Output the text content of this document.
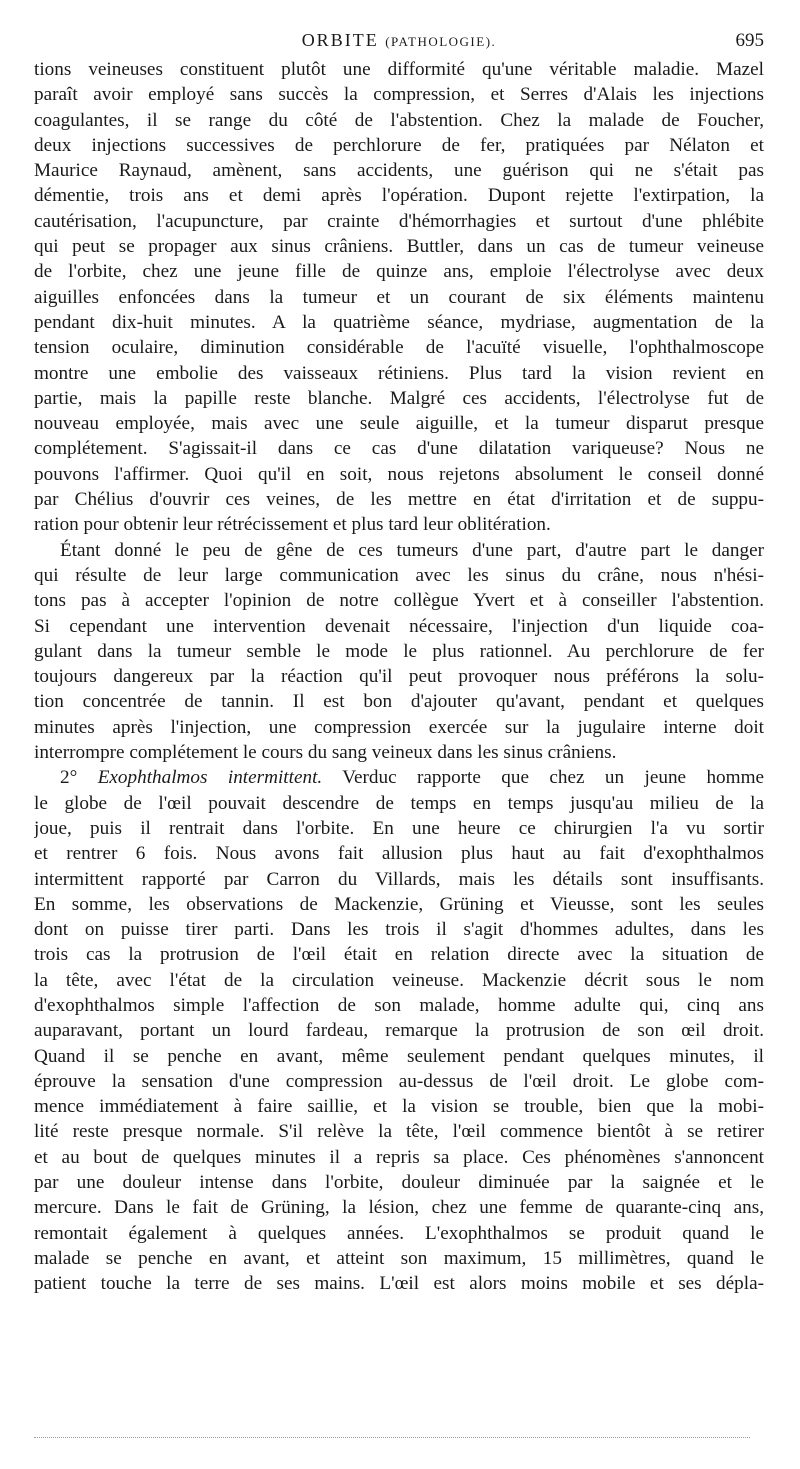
ORBITE (PATHOLOGIE).	695
tions veineuses constituent plutôt une difformité qu'une véritable maladie. Mazel
paraît avoir employé sans succès la compression, et Serres d'Alais les injections
coagulantes, il se range du côté de l'abstention. Chez la malade de Foucher,
deux injections successives de perchlorure de fer, pratiquées par Nélaton et
Maurice Raynaud, amènent, sans accidents, une guérison qui ne s'était pas
démentie, trois ans et demi après l'opération. Dupont rejette l'extirpation, la
cautérisation, l'acupuncture, par crainte d'hémorrhagies et surtout d'une phlébite
qui peut se propager aux sinus crâniens. Buttler, dans un cas de tumeur veineuse
de l'orbite, chez une jeune fille de quinze ans, emploie l'électrolyse avec deux
aiguilles enfoncées dans la tumeur et un courant de six éléments maintenu
pendant dix-huit minutes. A la quatrième séance, mydriase, augmentation de la
tension oculaire, diminution considérable de l'acuïté visuelle, l'ophthalmoscope
montre une embolie des vaisseaux rétiniens. Plus tard la vision revient en
partie, mais la papille reste blanche. Malgré ces accidents, l'électrolyse fut de
nouveau employée, mais avec une seule aiguille, et la tumeur disparut presque
complétement. S'agissait-il dans ce cas d'une dilatation variqueuse? Nous ne
pouvons l'affirmer. Quoi qu'il en soit, nous rejetons absolument le conseil donné
par Chélius d'ouvrir ces veines, de les mettre en état d'irritation et de suppu-
ration pour obtenir leur rétrécissement et plus tard leur oblitération.
Étant donné le peu de gêne de ces tumeurs d'une part, d'autre part le danger
qui résulte de leur large communication avec les sinus du crâne, nous n'hési-
tons pas à accepter l'opinion de notre collègue Yvert et à conseiller l'abstention.
Si cependant une intervention devenait nécessaire, l'injection d'un liquide coa-
gulant dans la tumeur semble le mode le plus rationnel. Au perchlorure de fer
toujours dangereux par la réaction qu'il peut provoquer nous préférons la solu-
tion concentrée de tannin. Il est bon d'ajouter qu'avant, pendant et quelques
minutes après l'injection, une compression exercée sur la jugulaire interne doit
interrompre complétement le cours du sang veineux dans les sinus crâniens.
2° Exophthalmos intermittent. Verduc rapporte que chez un jeune homme
le globe de l'œil pouvait descendre de temps en temps jusqu'au milieu de la
joue, puis il rentrait dans l'orbite. En une heure ce chirurgien l'a vu sortir
et rentrer 6 fois. Nous avons fait allusion plus haut au fait d'exophthalmos
intermittent rapporté par Carron du Villards, mais les détails sont insuffisants.
En somme, les observations de Mackenzie, Grüning et Vieusse, sont les seules
dont on puisse tirer parti. Dans les trois il s'agit d'hommes adultes, dans les
trois cas la protrusion de l'œil était en relation directe avec la situation de
la tête, avec l'état de la circulation veineuse. Mackenzie décrit sous le nom
d'exophthalmos simple l'affection de son malade, homme adulte qui, cinq ans
auparavant, portant un lourd fardeau, remarque la protrusion de son œil droit.
Quand il se penche en avant, même seulement pendant quelques minutes, il
éprouve la sensation d'une compression au-dessus de l'œil droit. Le globe com-
mence immédiatement à faire saillie, et la vision se trouble, bien que la mobi-
lité reste presque normale. S'il relève la tête, l'œil commence bientôt à se retirer
et au bout de quelques minutes il a repris sa place. Ces phénomènes s'annoncent
par une douleur intense dans l'orbite, douleur diminuée par la saignée et le
mercure. Dans le fait de Grüning, la lésion, chez une femme de quarante-cinq ans,
remontait également à quelques années. L'exophthalmos se produit quand le
malade se penche en avant, et atteint son maximum, 15 millimètres, quand le
patient touche la terre de ses mains. L'œil est alors moins mobile et ses dépla-
